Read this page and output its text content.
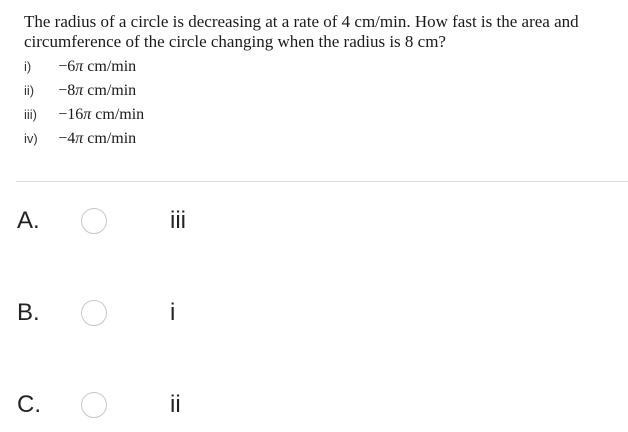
The radius of a circle is decreasing at a rate of 4 cm/min. How fast is the area and circumference of the circle changing when the radius is 8 cm?

i) −6π cm/min
ii) −8π cm/min
iii) −16π cm/min
iv) −4π cm/min
A.	iii
B.	i
C.	ii
